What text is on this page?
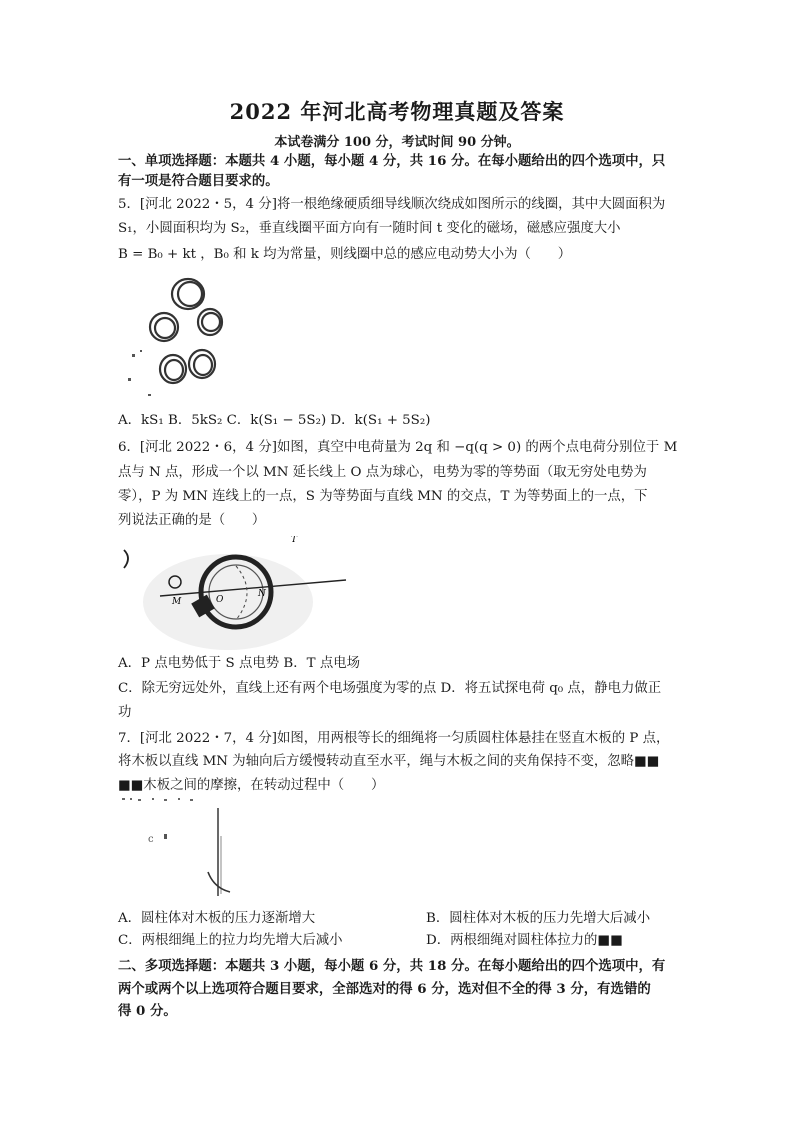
2022 年河北高考物理真题及答案
本试卷满分 100 分，考试时间 90 分钟。
一、单项选择题：本题共 4 小题，每小题 4 分，共 16 分。在每小题给出的四个选项中，只
有一项是符合题目要求的。
5．[河北 2022・5，4 分]将一根绝缘硬质细导线顺次绕成如图所示的线圈，其中大圆面积为
S₁，小圆面积均为 S₂，垂直线圈平面方向有一随时间 t 变化的磁场，磁感应强度大小
B = B₀ + kt ，B₀ 和 k 均为常量，则线圈中总的感应电动势大小为（　　）
A．kS₁ B．5kS₂ C．k(S₁ − 5S₂) D．k(S₁ + 5S₂)
6．[河北 2022・6，4 分]如图，真空中电荷量为 2q 和 −q(q > 0) 的两个点电荷分别位于 M
点与 N 点，形成一个以 MN 延长线上 O 点为球心，电势为零的等势面（取无穷处电势为
零），P 为 MN 连线上的一点，S 为等势面与直线 MN 的交点，T 为等势面上的一点，下
列说法正确的是（　　）
T
M
N
O
A．P 点电势低于 S 点电势 B．T 点电场
C．除无穷远处外，直线上还有两个电场强度为零的点 D．将五试探电荷 q₀ 点，静电力做正
功
7．[河北 2022・7，4 分]如图，用两根等长的细绳将一匀质圆柱体悬挂在竖直木板的 P 点，
将木板以直线 MN 为轴向后方缓慢转动直至水平，绳与木板之间的夹角保持不变，忽略■■
■■木板之间的摩擦，在转动过程中（　　）
c
A．圆柱体对木板的压力逐渐增大	B．圆柱体对木板的压力先增大后减小
C．两根细绳上的拉力均先增大后减小	D．两根细绳对圆柱体拉力的■■
二、多项选择题：本题共 3 小题，每小题 6 分，共 18 分。在每小题给出的四个选项中，有
两个或两个以上选项符合题目要求，全部选对的得 6 分，选对但不全的得 3 分，有选错的
得 0 分。
